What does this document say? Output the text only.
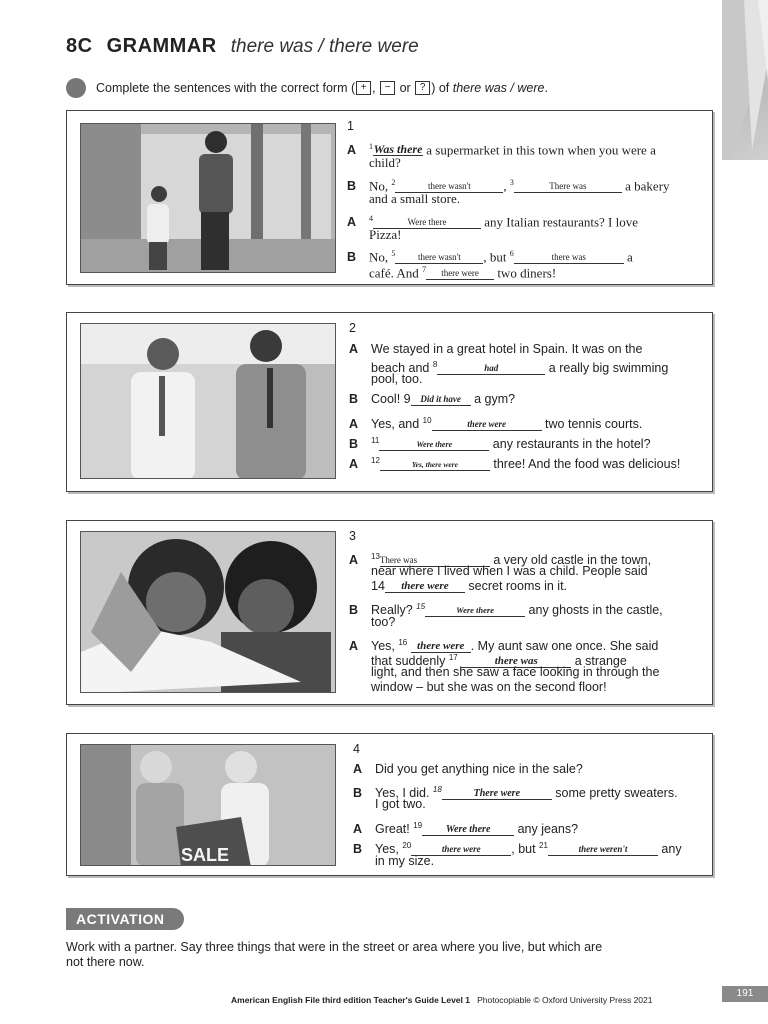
8C GRAMMAR there was / there were
Complete the sentences with the correct form ( + , − or ? ) of there was / were.
1
A $^1$Was there a supermarket in this town when you were a
child?
B No, $^2$	there wasn't	, $^3$	There was	a bakery
and a small store.
A $^4$	Were there	any Italian restaurants? I love
Pizza!
B No, $^5$	there wasn't , but $^6$	there was	a
café. And $^7$ there were two diners!
2
A We stayed in a great hotel in Spain. It was on the
beach and $^8$	had	a really big swimming
pool, too.
B Cool! 9 Did it have a gym?
A Yes, and $^{10}$	there were	two tennis courts.
B $^{11}$	Were there	any restaurants in the hotel?
A $^{12}$	Yes, there were	three! And the food was delicious!
3
A $^{13}$There was	a very old castle in the town,
near where I lived when I was a child. People said
14 there were secret rooms in it.
B Really? $^{15}$	Were there any ghosts in the castle,
too?
A Yes, $^{16}$ there were . My aunt saw one once. She said
that suddenly $^{17}$	there was	a strange
light, and then she saw a face looking in through the
window – but she was on the second floor!
SALE
4
A Did you get anything nice in the sale?
B Yes, I did. $^{18}$	There were	some pretty sweaters.
I got two.
A Great! $^{19}$ Were there any jeans?
B Yes, $^{20}$	there were , but $^{21}$	there weren't any
in my size.
ACTIVATION
Work with a partner. Say three things that were in the street or area where you live, but which are not there now.
American English File third edition Teacher's Guide Level 1 Photocopiable © Oxford University Press 2021
191
